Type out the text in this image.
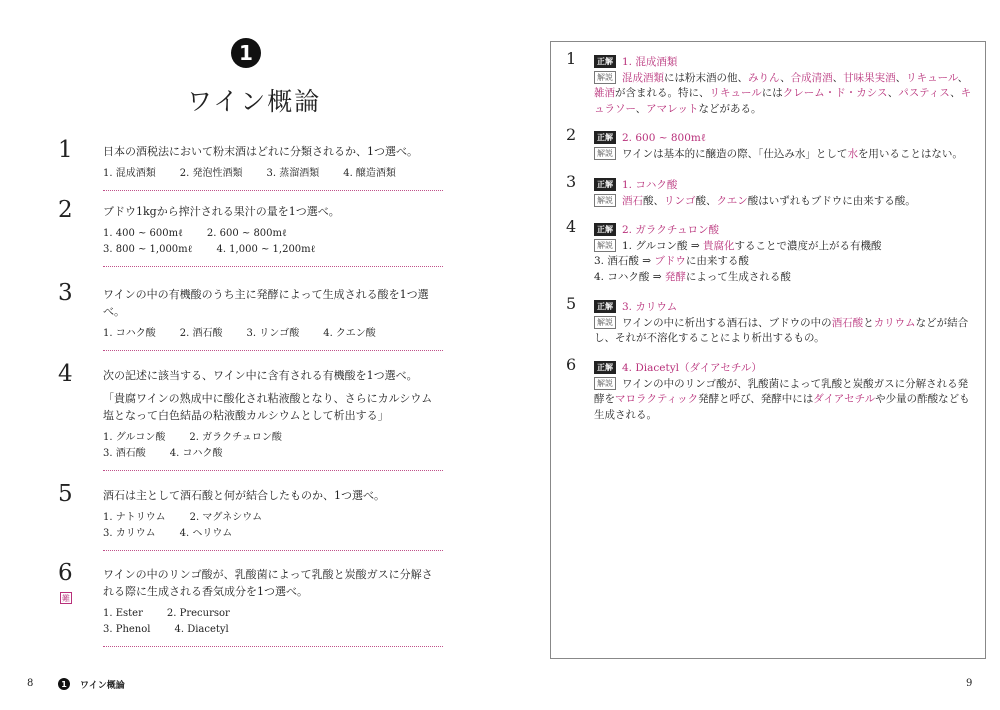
1
ワイン概論
1	日本の酒税法において粉末酒はどれに分類されるか、1つ選べ。
1. 混成酒類 2. 発泡性酒類 3. 蒸溜酒類 4. 醸造酒類
2	ブドウ1kgから搾汁される果汁の量を1つ選べ。
1. 400 ~ 600mℓ 2. 600 ~ 800mℓ
3. 800 ~ 1,000mℓ 4. 1,000 ~ 1,200mℓ
3	ワインの中の有機酸のうち主に発酵によって生成される酸を1つ選べ。
1. コハク酸 2. 酒石酸 3. リンゴ酸 4. クエン酸
4	次の記述に該当する、ワイン中に含有される有機酸を1つ選べ。
「貴腐ワインの熟成中に酸化され粘液酸となり、さらにカルシウム塩となって白色結晶の粘液酸カルシウムとして析出する」
1. グルコン酸 2. ガラクチュロン酸
3. 酒石酸 4. コハク酸
5	酒石は主として酒石酸と何が結合したものか、1つ選べ。
1. ナトリウム 2. マグネシウム
3. カリウム 4. ヘリウム
6
難
ワインの中のリンゴ酸が、乳酸菌によって乳酸と炭酸ガスに分解される際に生成される香気成分を1つ選べ。
1. Ester 2. Precursor
3. Phenol 4. Diacetyl
1	正解 1. 混成酒類
解説 混成酒類には粉末酒の他、みりん、合成清酒、甘味果実酒、リキュール、雑酒が含まれる。特に、リキュールにはクレーム・ド・カシス、パスティス、キュラソー、アマレットなどがある。
2	正解 2. 600 ~ 800mℓ
解説 ワインは基本的に醸造の際、「仕込み水」として水を用いることはない。
3	正解 1. コハク酸
解説 酒石酸、リンゴ酸、クエン酸はいずれもブドウに由来する酸。
4	正解 2. ガラクチュロン酸
解説 1. グルコン酸 ⇒ 貴腐化することで濃度が上がる有機酸
3. 酒石酸 ⇒ ブドウに由来する酸
4. コハク酸 ⇒ 発酵によって生成される酸
5	正解 3. カリウム
解説 ワインの中に析出する酒石は、ブドウの中の酒石酸とカリウムなどが結合し、それが不溶化することにより析出するもの。
6	正解 4. Diacetyl（ダイアセチル）
解説 ワインの中のリンゴ酸が、乳酸菌によって乳酸と炭酸ガスに分解される発酵をマロラクティック発酵と呼び、発酵中にはダイアセチルや少量の酢酸なども生成される。
8	1	ワイン概論	9
